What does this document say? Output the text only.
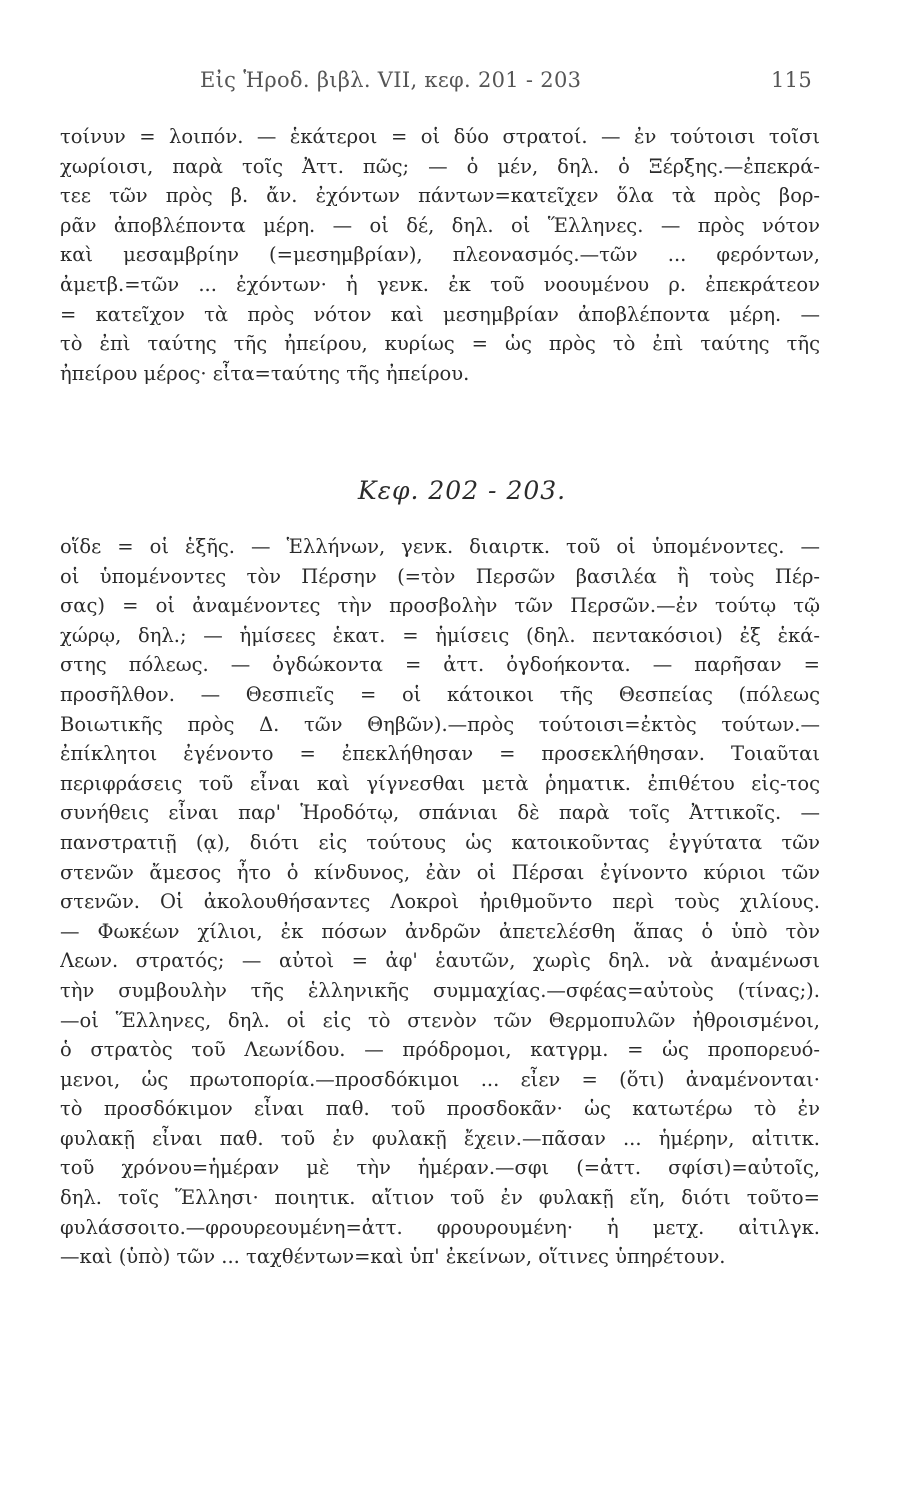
Εἰς Ἡροδ. βιβλ. VII, κεφ. 201 - 203	115
τοίνυν = λοιπόν. — ἑκάτεροι = οἱ δύο στρατοί. — ἐν τούτοισι τοῖσι
χωρίοισι, παρὰ τοῖς Ἀττ. πῶς; — ὁ μέν, δηλ. ὁ Ξέρξης.—ἐπεκρά-
τεε τῶν πρὸς β. ἄν. ἐχόντων πάντων=κατεῖχεν ὅλα τὰ πρὸς βορ-
ρᾶν ἀποβλέποντα μέρη. — οἱ δέ, δηλ. οἱ Ἕλληνες. — πρὸς νότον
καὶ μεσαμβρίην (=μεσημβρίαν), πλεονασμός.—τῶν ... φερόντων,
ἀμετβ.=τῶν ... ἐχόντων· ἡ γενκ. ἐκ τοῦ νοουμένου ρ. ἐπεκράτεον
= κατεῖχον τὰ πρὸς νότον καὶ μεσημβρίαν ἀποβλέποντα μέρη. —
τὸ ἐπὶ ταύτης τῆς ἠπείρου, κυρίως = ὡς πρὸς τὸ ἐπὶ ταύτης τῆς
ἠπείρου μέρος· εἶτα=ταύτης τῆς ἠπείρου.
Κεφ. 202 - 203.
οἵδε = οἱ ἑξῆς. — Ἑλλήνων, γενκ. διαιρτκ. τοῦ οἱ ὑπομένοντες. —
οἱ ὑπομένοντες τὸν Πέρσην (=τὸν Περσῶν βασιλέα ἢ τοὺς Πέρ-
σας) = οἱ ἀναμένοντες τὴν προσβολὴν τῶν Περσῶν.—ἐν τούτῳ τῷ
χώρῳ, δηλ.; — ἡμίσεες ἑκατ. = ἡμίσεις (δηλ. πεντακόσιοι) ἐξ ἑκά-
στης πόλεως. — ὀγδώκοντα = ἀττ. ὀγδοήκοντα. — παρῆσαν =
προσῆλθον. — Θεσπιεῖς = οἱ κάτοικοι τῆς Θεσπείας (πόλεως
Βοιωτικῆς πρὸς Δ. τῶν Θηβῶν).—πρὸς τούτοισι=ἐκτὸς τούτων.—
ἐπίκλητοι ἐγένοντο = ἐπεκλήθησαν = προσεκλήθησαν. Τοιαῦται
περιφράσεις τοῦ εἶναι καὶ γίγνεσθαι μετὰ ῥηματικ. ἐπιθέτου εἰς-τος
συνήθεις εἶναι παρ' Ἡροδότῳ, σπάνιαι δὲ παρὰ τοῖς Ἀττικοῖς. —
πανστρατιῇ (ᾳ), διότι εἰς τούτους ὡς κατοικοῦντας ἐγγύτατα τῶν
στενῶν ἄμεσος ἦτο ὁ κίνδυνος, ἐὰν οἱ Πέρσαι ἐγίνοντο κύριοι τῶν
στενῶν. Οἱ ἀκολουθήσαντες Λοκροὶ ἠριθμοῦντο περὶ τοὺς χιλίους.
— Φωκέων χίλιοι, ἐκ πόσων ἀνδρῶν ἀπετελέσθη ἅπας ὁ ὑπὸ τὸν
Λεων. στρατός; — αὐτοὶ = ἀφ' ἑαυτῶν, χωρὶς δηλ. νὰ ἀναμένωσι
τὴν συμβουλὴν τῆς ἑλληνικῆς συμμαχίας.—σφέας=αὐτοὺς (τίνας;).
—οἱ Ἕλληνες, δηλ. οἱ εἰς τὸ στενὸν τῶν Θερμοπυλῶν ἠθροισμένοι,
ὁ στρατὸς τοῦ Λεωνίδου. — πρόδρομοι, κατγρμ. = ὡς προπορευό-
μενοι, ὡς πρωτοπορία.—προσδόκιμοι ... εἶεν = (ὅτι) ἀναμένονται·
τὸ προσδόκιμον εἶναι παθ. τοῦ προσδοκᾶν· ὡς κατωτέρω τὸ ἐν
φυλακῇ εἶναι παθ. τοῦ ἐν φυλακῇ ἔχειν.—πᾶσαν ... ἡμέρην, αἰτιτκ.
τοῦ χρόνου=ἡμέραν μὲ τὴν ἡμέραν.—σφι (=ἀττ. σφίσι)=αὐτοῖς,
δηλ. τοῖς Ἕλλησι· ποιητικ. αἴτιον τοῦ ἐν φυλακῇ εἴη, διότι τοῦτο=
φυλάσσοιτο.—φρουρεουμένη=ἀττ. φρουρουμένη· ἡ μετχ. αἰτιλγκ.
—καὶ (ὑπὸ) τῶν ... ταχθέντων=καὶ ὑπ' ἐκείνων, οἵτινες ὑπηρέτουν.
